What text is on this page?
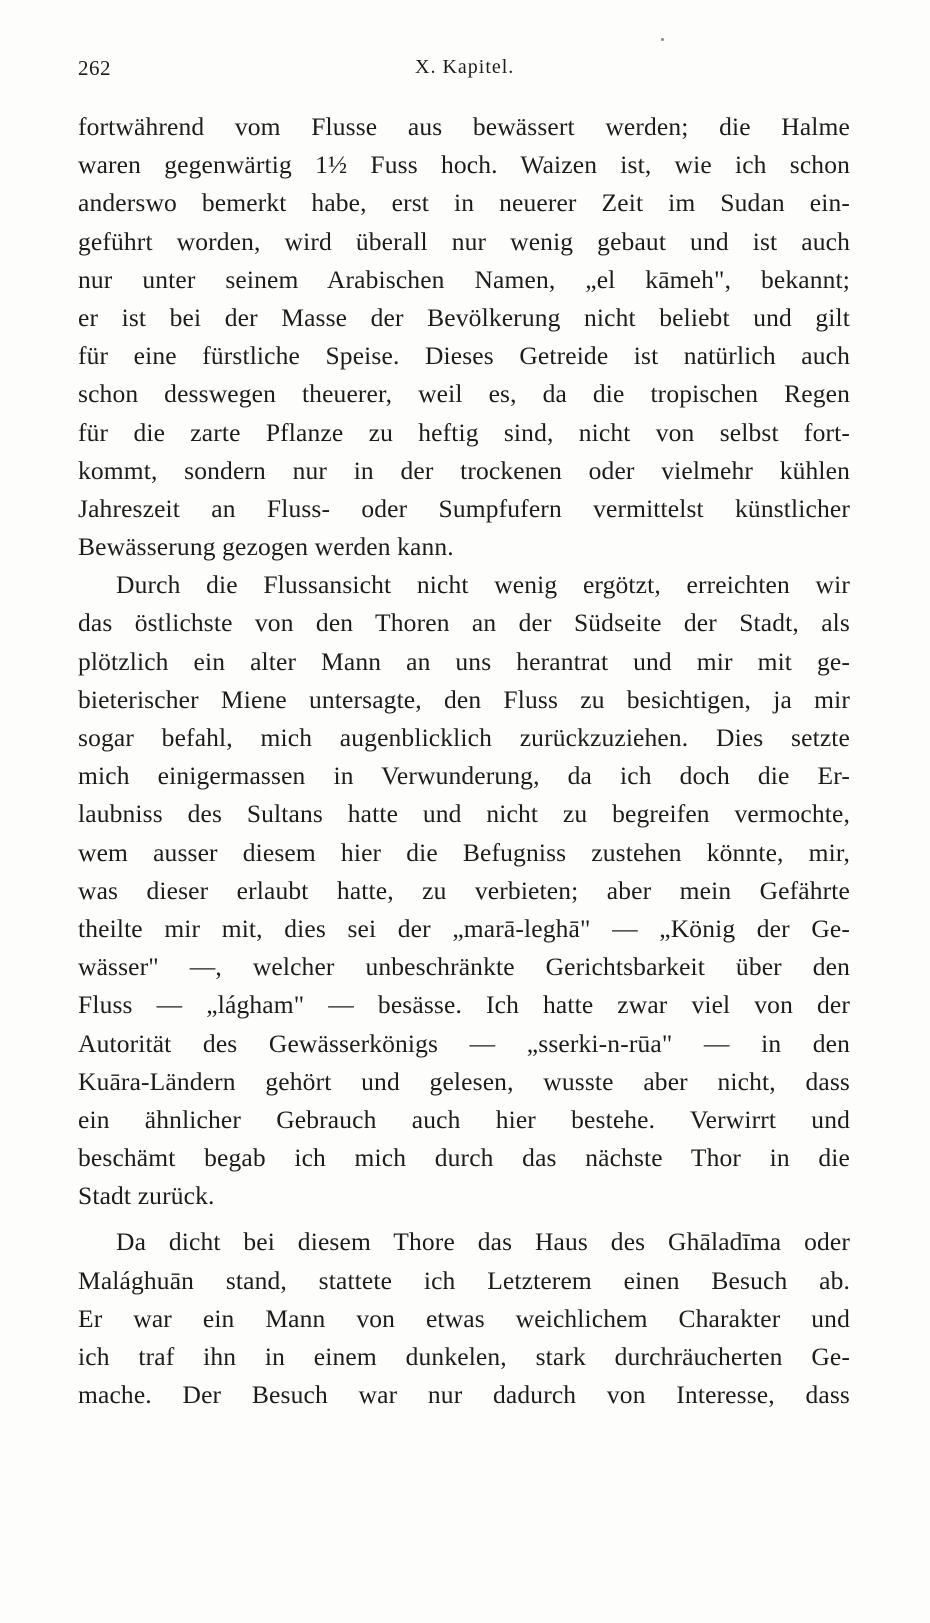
262	X. Kapitel.
fortwährend vom Flusse aus bewässert werden; die Halme
waren gegenwärtig 1½ Fuss hoch. Waizen ist, wie ich schon
anderswo bemerkt habe, erst in neuerer Zeit im Sudan ein-
geführt worden, wird überall nur wenig gebaut und ist auch
nur unter seinem Arabischen Namen, „el kāmeh", bekannt;
er ist bei der Masse der Bevölkerung nicht beliebt und gilt
für eine fürstliche Speise. Dieses Getreide ist natürlich auch
schon desswegen theuerer, weil es, da die tropischen Regen
für die zarte Pflanze zu heftig sind, nicht von selbst fort-
kommt, sondern nur in der trockenen oder vielmehr kühlen
Jahreszeit an Fluss- oder Sumpfufern vermittelst künstlicher
Bewässerung gezogen werden kann.
Durch die Flussansicht nicht wenig ergötzt, erreichten wir
das östlichste von den Thoren an der Südseite der Stadt, als
plötzlich ein alter Mann an uns herantrat und mir mit ge-
bieterischer Miene untersagte, den Fluss zu besichtigen, ja mir
sogar befahl, mich augenblicklich zurückzuziehen. Dies setzte
mich einigermassen in Verwunderung, da ich doch die Er-
laubniss des Sultans hatte und nicht zu begreifen vermochte,
wem ausser diesem hier die Befugniss zustehen könnte, mir,
was dieser erlaubt hatte, zu verbieten; aber mein Gefährte
theilte mir mit, dies sei der „marā-leghā" — „König der Ge-
wässer" —, welcher unbeschränkte Gerichtsbarkeit über den
Fluss — „lágham" — besässe. Ich hatte zwar viel von der
Autorität des Gewässerkönigs — „sserki-n-rūa" — in den
Kuāra-Ländern gehört und gelesen, wusste aber nicht, dass
ein ähnlicher Gebrauch auch hier bestehe. Verwirrt und
beschämt begab ich mich durch das nächste Thor in die
Stadt zurück.
Da dicht bei diesem Thore das Haus des Ghāladīma oder
Malághuān stand, stattete ich Letzterem einen Besuch ab.
Er war ein Mann von etwas weichlichem Charakter und
ich traf ihn in einem dunkelen, stark durchräucherten Ge-
mache. Der Besuch war nur dadurch von Interesse, dass
